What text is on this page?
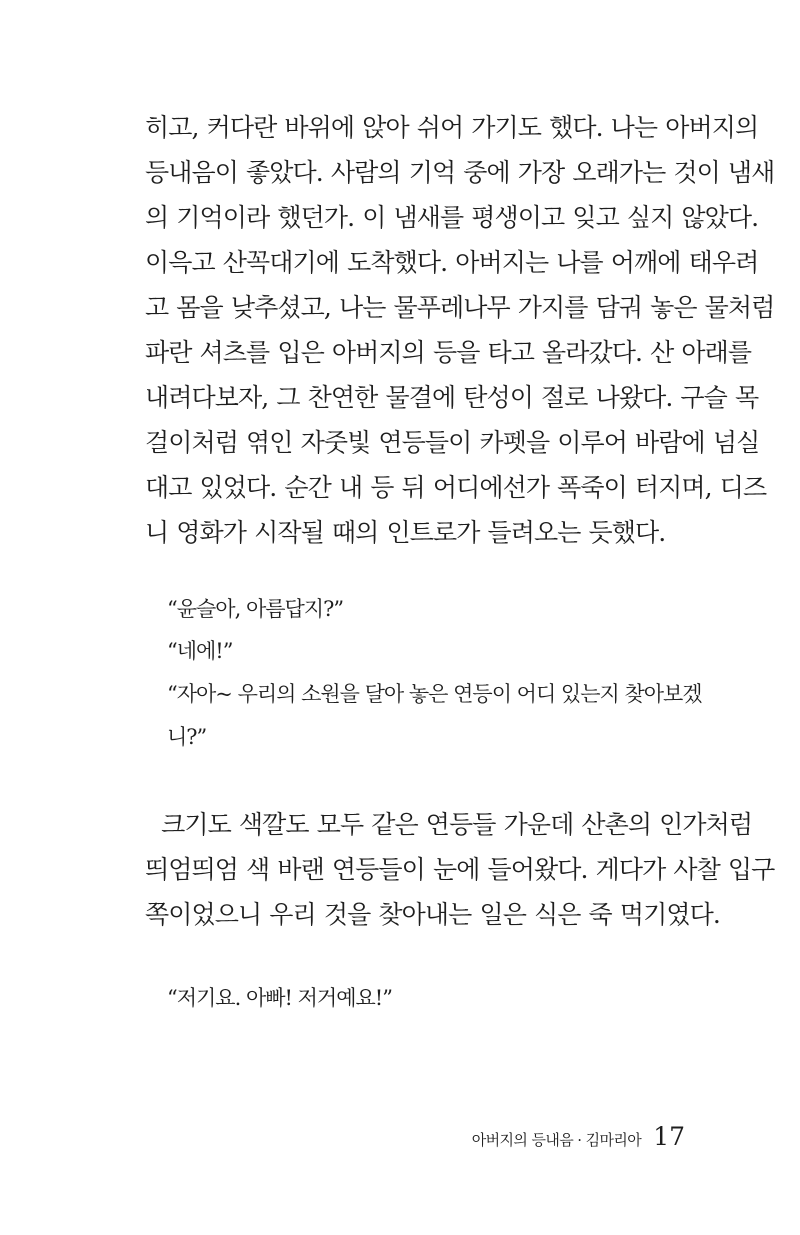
히고, 커다란 바위에 앉아 쉬어 가기도 했다. 나는 아버지의
등내음이 좋았다. 사람의 기억 중에 가장 오래가는 것이 냄새
의 기억이라 했던가. 이 냄새를 평생이고 잊고 싶지 않았다.
이윽고 산꼭대기에 도착했다. 아버지는 나를 어깨에 태우려
고 몸을 낮추셨고, 나는 물푸레나무 가지를 담궈 놓은 물처럼
파란 셔츠를 입은 아버지의 등을 타고 올라갔다. 산 아래를
내려다보자, 그 찬연한 물결에 탄성이 절로 나왔다. 구슬 목
걸이처럼 엮인 자줏빛 연등들이 카펫을 이루어 바람에 넘실
대고 있었다. 순간 내 등 뒤 어디에선가 폭죽이 터지며, 디즈
니 영화가 시작될 때의 인트로가 들려오는 듯했다.
“윤슬아, 아름답지?”
“네에!”
“자아~ 우리의 소원을 달아 놓은 연등이 어디 있는지 찾아보겠
니?”
크기도 색깔도 모두 같은 연등들 가운데 산촌의 인가처럼
띄엄띄엄 색 바랜 연등들이 눈에 들어왔다. 게다가 사찰 입구
쪽이었으니 우리 것을 찾아내는 일은 식은 죽 먹기였다.
“저기요. 아빠! 저거예요!”
아버지의 등내음 · 김마리아 17
